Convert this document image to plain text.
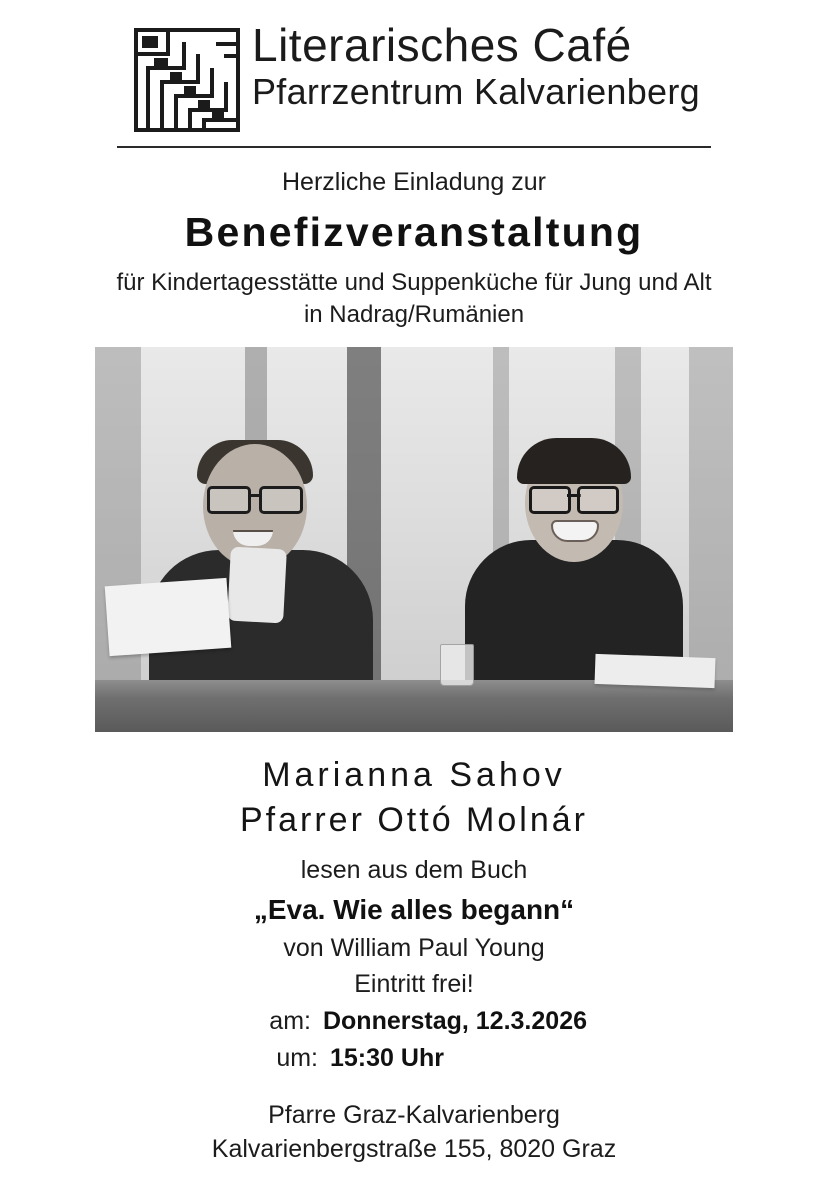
Literarisches Café
Pfarrzentrum Kalvarienberg
Herzliche Einladung zur
Benefizveranstaltung
für Kindertagesstätte und Suppenküche für Jung und Alt
in Nadrag/Rumänien
Marianna Sahov
Pfarrer Ottó Molnár
lesen aus dem Buch
„Eva. Wie alles begann“
von William Paul Young
Eintritt frei!
am: Donnerstag, 12.3.2026
um: 15:30 Uhr
Pfarre Graz-Kalvarienberg
Kalvarienbergstraße 155, 8020 Graz
